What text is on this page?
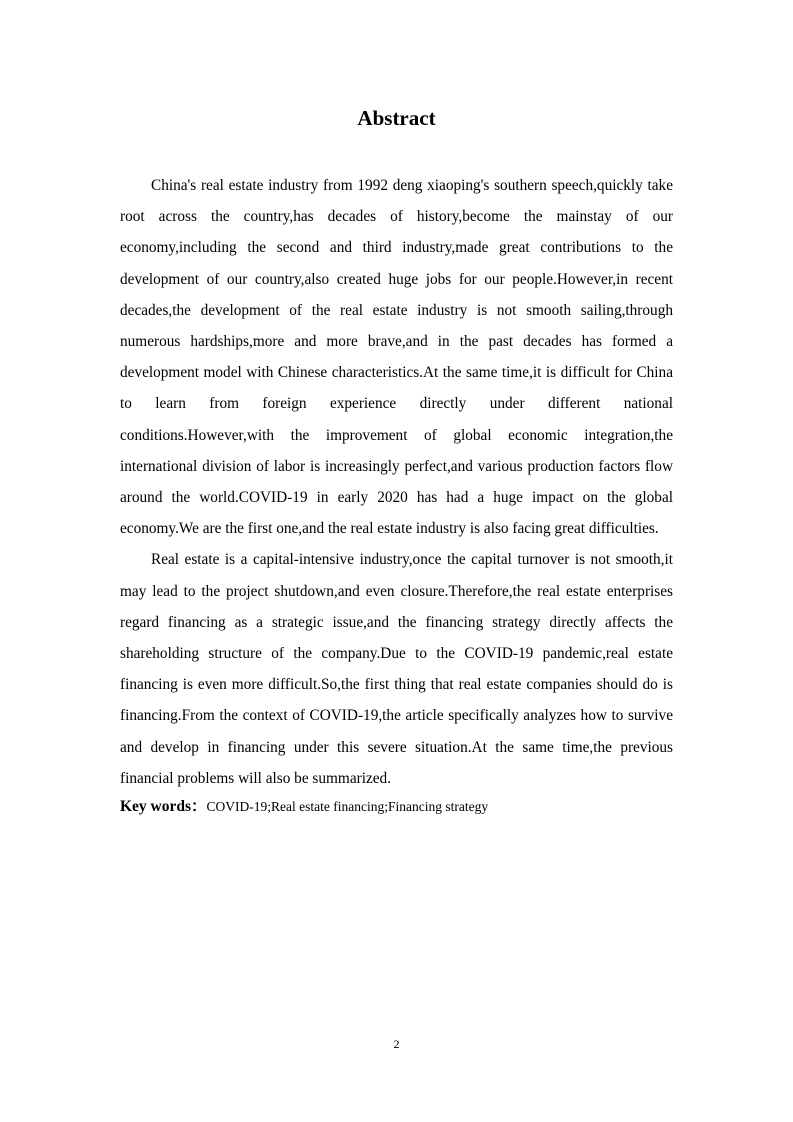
Abstract

China's real estate industry from 1992 deng xiaoping's southern speech,quickly take root across the country,has decades of history,become the mainstay of our economy,including the second and third industry,made great contributions to the development of our country,also created huge jobs for our people.However,in recent decades,the development of the real estate industry is not smooth sailing,through numerous hardships,more and more brave,and in the past decades has formed a development model with Chinese characteristics.At the same time,it is difficult for China to learn from foreign experience directly under different national conditions.However,with the improvement of global economic integration,the international division of labor is increasingly perfect,and various production factors flow around the world.COVID-19 in early 2020 has had a huge impact on the global economy.We are the first one,and the real estate industry is also facing great difficulties.

Real estate is a capital-intensive industry,once the capital turnover is not smooth,it may lead to the project shutdown,and even closure.Therefore,the real estate enterprises regard financing as a strategic issue,and the financing strategy directly affects the shareholding structure of the company.Due to the COVID-19 pandemic,real estate financing is even more difficult.So,the first thing that real estate companies should do is financing.From the context of COVID-19,the article specifically analyzes how to survive and develop in financing under this severe situation.At the same time,the previous financial problems will also be summarized.

Key words：COVID-19;Real estate financing;Financing strategy

2
